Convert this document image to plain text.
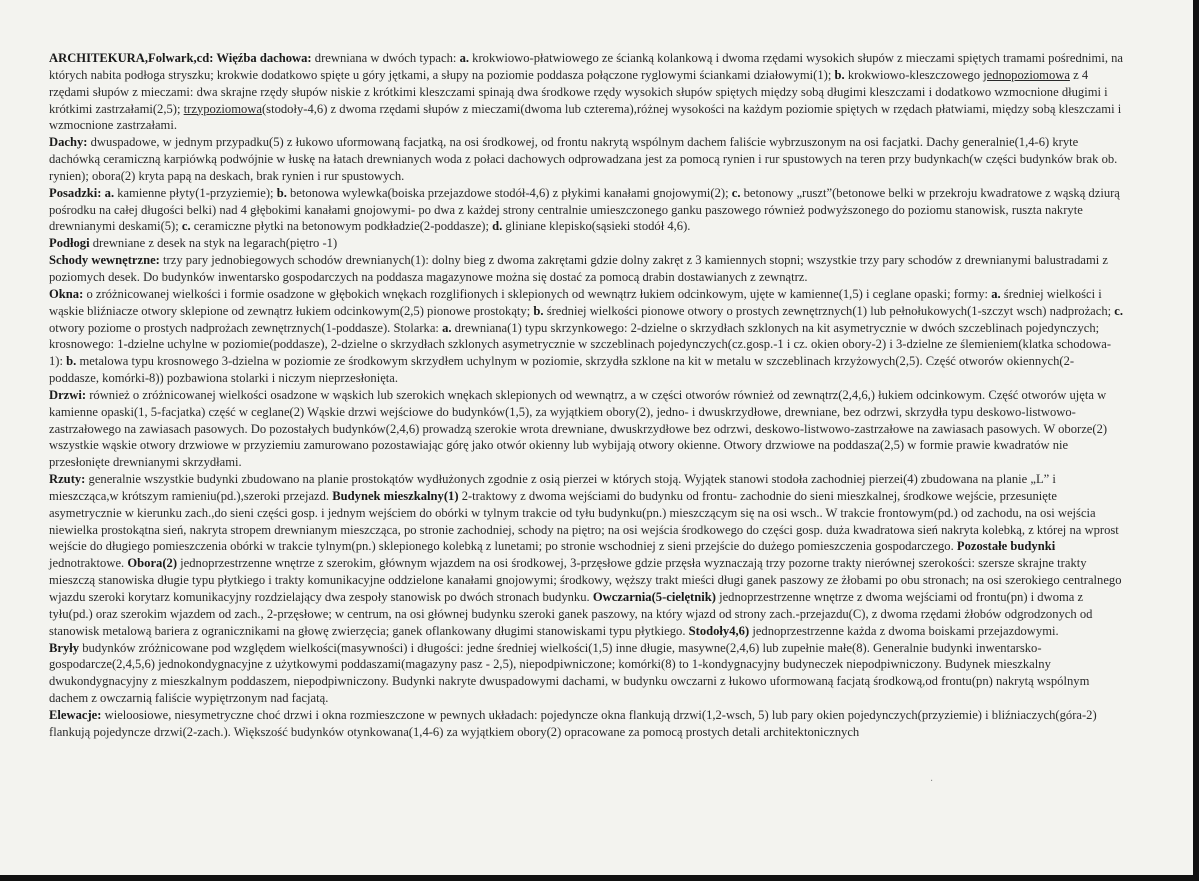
ARCHITEKURA,Folwark,cd: Więźba dachowa: drewniana w dwóch typach: a. krokwiowo-płatwiowego ze ścianką kolankową i dwoma rzędami wysokich słupów z mieczami spiętych tramami pośrednimi, na których nabita podłoga stryszku; krokwie dodatkowo spięte u góry jętkami, a słupy na poziomie poddasza połączone ryglowymi ściankami działowymi(1); b. krokwiowo-kleszczowego jednopoziomowa z 4 rzędami słupów z mieczami: dwa skrajne rzędy słupów niskie z krótkimi kleszczami spinają dwa środkowe rzędy wysokich słupów spiętych między sobą długimi kleszczami i dodatkowo wzmocnione długimi i krótkimi zastrzałami(2,5); trzypoziomowa(stodoły-4,6) z dwoma rzędami słupów z mieczami(dwoma lub czterema),różnej wysokości na każdym poziomie spiętych w rzędach płatwiami, między sobą kleszczami i wzmocnione zastrzałami.

Dachy: dwuspadowe, w jednym przypadku(5) z łukowo uformowaną facjatką, na osi środkowej, od frontu nakrytą wspólnym dachem faliście wybrzuszonym na osi facjatki. Dachy generalnie(1,4-6) kryte dachówką ceramiczną karpiówką podwójnie w łuskę na łatach drewnianych woda z połaci dachowych odprowadzana jest za pomocą rynien i rur spustowych na teren przy budynkach(w części budynków brak ob. rynien); obora(2) kryta papą na deskach, brak rynien i rur spustowych.

Posadzki: a. kamienne płyty(1-przyziemie); b. betonowa wylewka(boiska przejazdowe stodół-4,6) z płykimi kanałami gnojowymi(2); c. betonowy „ruszt”(betonowe belki w przekroju kwadratowe z wąską dziurą pośrodku na całej długości belki) nad 4 głębokimi kanałami gnojowymi- po dwa z każdej strony centralnie umieszczonego ganku paszowego również podwyższonego do poziomu stanowisk, ruszta nakryte drewnianymi deskami(5); c. ceramiczne płytki na betonowym podkładzie(2-poddasze); d. gliniane klepisko(sąsieki stodół 4,6).

Podłogi drewniane z desek na styk na legarach(piętro -1)

Schody wewnętrzne: trzy pary jednobiegowych schodów drewnianych(1): dolny bieg z dwoma zakrętami gdzie dolny zakręt z 3 kamiennych stopni; wszystkie trzy pary schodów z drewnianymi balustradami z poziomych desek. Do budynków inwentarsko gospodarczych na poddasza magazynowe można się dostać za pomocą drabin dostawianych z zewnątrz.

Okna: o zróżnicowanej wielkości i formie osadzone w głębokich wnękach rozglifionych i sklepionych od wewnątrz łukiem odcinkowym, ujęte w kamienne(1,5) i ceglane opaski; formy: a. średniej wielkości i wąskie bliźniacze otwory sklepione od zewnątrz łukiem odcinkowym(2,5) pionowe prostokąty; b. średniej wielkości pionowe otwory o prostych zewnętrznych(1) lub pełnołukowych(1-szczyt wsch) nadprożach; c. otwory poziome o prostych nadprożach zewnętrznych(1-poddasze). Stolarka: a. drewniana(1) typu skrzynkowego: 2-dzielne o skrzydłach szklonych na kit asymetrycznie w dwóch szczeblinach pojedynczych; krosnowego: 1-dzielne uchylne w poziomie(poddasze), 2-dzielne o skrzydłach szklonych asymetrycznie w szczeblinach pojedynczych(cz.gosp.-1 i cz. okien obory-2) i 3-dzielne ze ślemieniem(klatka schodowa-1): b. metalowa typu krosnowego 3-dzielna w poziomie ze środkowym skrzydłem uchylnym w poziomie, skrzydła szklone na kit w metalu w szczeblinach krzyżowych(2,5). Część otworów okiennych(2-poddasze, komórki-8)) pozbawiona stolarki i niczym nieprzesłonięta.

Drzwi: również o zróżnicowanej wielkości osadzone w wąskich lub szerokich wnękach sklepionych od wewnątrz, a w części otworów również od zewnątrz(2,4,6,) łukiem odcinkowym. Część otworów ujęta w kamienne opaski(1, 5-facjatka) część w ceglane(2) Wąskie drzwi wejściowe do budynków(1,5), za wyjątkiem obory(2), jedno- i dwuskrzydłowe, drewniane, bez odrzwi, skrzydła typu deskowo-listwowo-zastrzałowego na zawiasach pasowych. Do pozostałych budynków(2,4,6) prowadzą szerokie wrota drewniane, dwuskrzydłowe bez odrzwi, deskowo-listwowo-zastrzałowe na zawiasach pasowych. W oborze(2) wszystkie wąskie otwory drzwiowe w przyziemiu zamurowano pozostawiając górę jako otwór okienny lub wybijają otwory okienne. Otwory drzwiowe na poddasza(2,5) w formie prawie kwadratów nie przesłonięte drewnianymi skrzydłami.

Rzuty: generalnie wszystkie budynki zbudowano na planie prostokątów wydłużonych zgodnie z osią pierzei w których stoją. Wyjątek stanowi stodoła zachodniej pierzei(4) zbudowana na planie „L” i mieszcząca,w krótszym ramieniu(pd.),szeroki przejazd. Budynek mieszkalny(1) 2-traktowy z dwoma wejściami do budynku od frontu- zachodnie do sieni mieszkalnej, środkowe wejście, przesunięte asymetrycznie w kierunku zach.,do sieni części gosp. i jednym wejściem do obórki w tylnym trakcie od tyłu budynku(pn.) mieszczącym się na osi wsch.. W trakcie frontowym(pd.) od zachodu, na osi wejścia niewielka prostokątna sień, nakryta stropem drewnianym mieszcząca, po stronie zachodniej, schody na piętro; na osi wejścia środkowego do części gosp. duża kwadratowa sień nakryta kolebką, z której na wprost wejście do długiego pomieszczenia obórki w trakcie tylnym(pn.) sklepionego kolebką z lunetami; po stronie wschodniej z sieni przejście do dużego pomieszczenia gospodarczego. Pozostałe budynki jednotraktowe. Obora(2) jednoprzestrzenne wnętrze z szerokim, głównym wjazdem na osi środkowej, 3-przęsłowe gdzie przęsła wyznaczają trzy pozorne trakty nierównej szerokości: szersze skrajne trakty mieszczą stanowiska długie typu płytkiego i trakty komunikacyjne oddzielone kanałami gnojowymi; środkowy, węższy trakt mieści długi ganek paszowy ze żłobami po obu stronach; na osi szerokiego centralnego wjazdu szeroki korytarz komunikacyjny rozdzielający dwa zespoły stanowisk po dwóch stronach budynku. Owczarnia(5-cielętnik) jednoprzestrzenne wnętrze z dwoma wejściami od frontu(pn) i dwoma z tyłu(pd.) oraz szerokim wjazdem od zach., 2-przęsłowe; w centrum, na osi głównej budynku szeroki ganek paszowy, na który wjazd od strony zach.-przejazdu(C), z dwoma rzędami żłobów odgrodzonych od stanowisk metalową bariera z ogranicznikami na głowę zwierzęcia; ganek oflankowany długimi stanowiskami typu płytkiego. Stodoły4,6) jednoprzestrzenne każda z dwoma boiskami przejazdowymi.

Bryły budynków zróżnicowane pod względem wielkości(masywności) i długości: jedne średniej wielkości(1,5) inne długie, masywne(2,4,6) lub zupełnie małe(8). Generalnie budynki inwentarsko-gospodarcze(2,4,5,6) jednokondygnacyjne z użytkowymi poddaszami(magazyny pasz - 2,5), niepodpiwniczone; komórki(8) to 1-kondygnacyjny budyneczek niepodpiwniczony. Budynek mieszkalny dwukondygnacyjny z mieszkalnym poddaszem, niepodpiwniczony. Budynki nakryte dwuspadowymi dachami, w budynku owczarni z łukowo uformowaną facjatą środkową,od frontu(pn) nakrytą wspólnym dachem z owczarnią faliście wypiętrzonym nad facjatą.

Elewacje: wieloosiowe, niesymetryczne choć drzwi i okna rozmieszczone w pewnych układach: pojedyncze okna flankują drzwi(1,2-wsch, 5) lub pary okien pojedynczych(przyziemie) i bliźniaczych(góra-2) flankują pojedyncze drzwi(2-zach.). Większość budynków otynkowana(1,4-6) za wyjątkiem obory(2) opracowane za pomocą prostych detali architektonicznych

·
